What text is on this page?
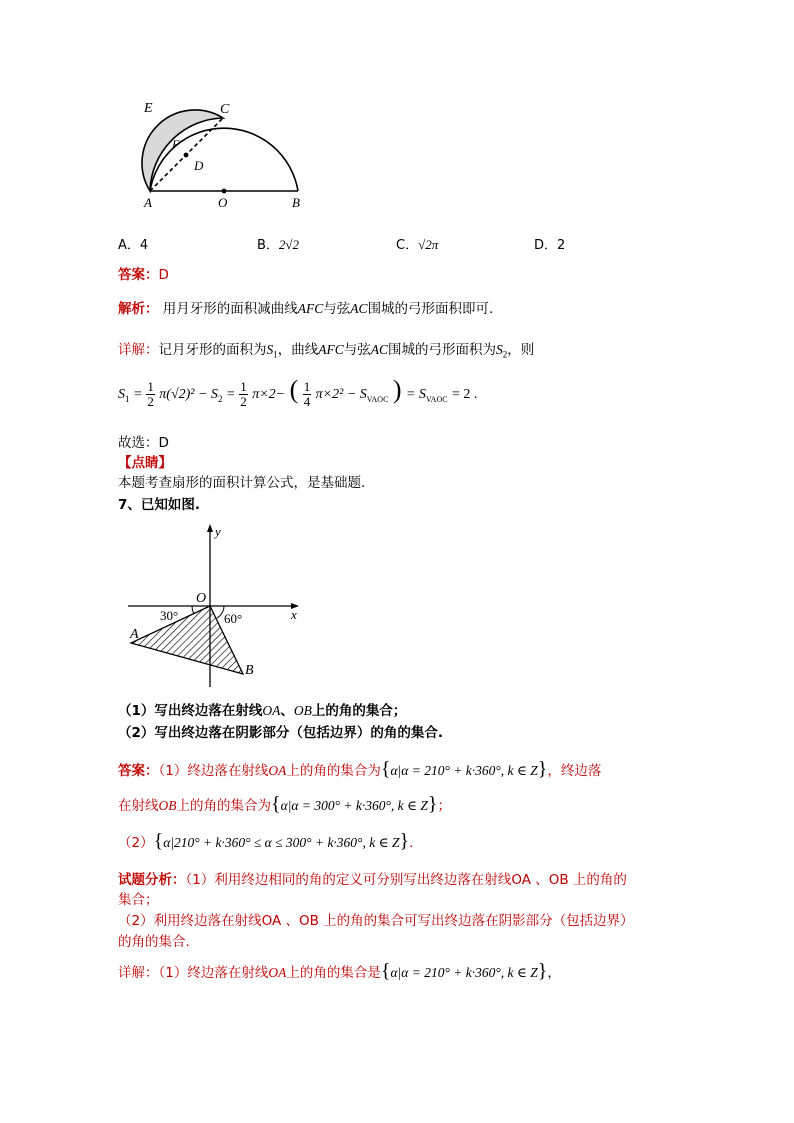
E	C
F
D
A	O	B
A．4	B．2√2	C．√2π	D．2
答案：D
解析： 用月牙形的面积减曲线AFC与弦AC围城的弓形面积即可.
详解：记月牙形的面积为$S_1$，曲线AFC与弦AC围城的弓形面积为$S_2$，则
$S_1 = \frac{1}{2} \pi(√2)^2 - S_2 = \frac{1}{2} \pi\times 2-$ ( $\frac{1}{4} \pi\times 2^2 - S_{VAOC}$ ) = $S_{VAOC} = 2$ .
故选：D
【点睛】
本题考查扇形的面积计算公式，是基础题.
7、已知如图.
y
x
O
30°	60°
A
B
（1）写出终边落在射线OA、OB上的角的集合；
（2）写出终边落在阴影部分（包括边界）的角的集合.
答案：（1）终边落在射线OA上的角的集合为{α|α = 210° + k·360°, k ∈ Z}，终边落
在射线OB上的角的集合为{α|α = 300° + k·360°, k ∈ Z}；
（2）{α|210° + k·360° ≤ α ≤ 300° + k·360°, k ∈ Z}.
试题分析：（1）利用终边相同的角的定义可分别写出终边落在射线OA 、OB 上的角的
集合；
（2）利用终边落在射线OA 、OB 上的角的集合可写出终边落在阴影部分（包括边界）
的角的集合.
详解：（1）终边落在射线OA上的角的集合是{α|α = 210° + k·360°, k ∈ Z}，
